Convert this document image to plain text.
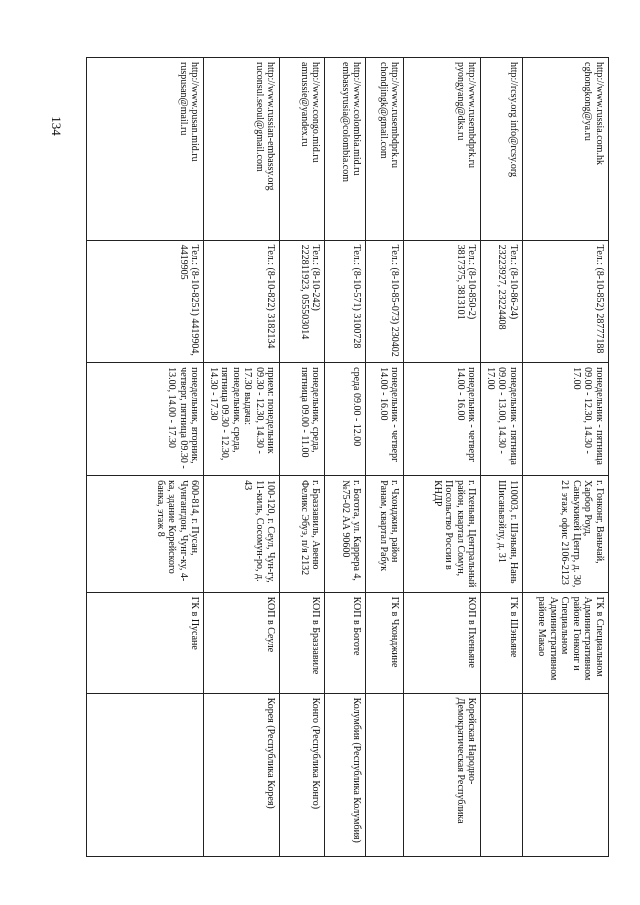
134	http://www.russia.com.hk cghongkong@ya.ru	Тел.: (8-10-852) 28777188	понедельник - пятница 09.00 - 12.30, 14.30 - 17.00	г. Гонконг, Ваньчай, Харбор Роуд, Саньукикей Центр, д. 30, 21 этаж, офис 2106-2123	ГК в Специальном Административном районе Гонконг и Специальном Административном районе Макао	
http://rcsy.org info@rcsy.org	Тел.: (8-10-86-24) 23223927, 23224408	понедельник - пятница 09.00 - 13.00, 14.30 - 17.00	110003, г. Шэньян, Нань Шисаньвэйлу, д. 31	ГК в Шэньяне	
http://www.rusembdprk.ru pyongyang@dks.ru	Тел.: (8-10-850-2) 3817375, 3813101	понедельник - четверг 14.00 - 16.00	г. Пхеньян, Центральный район, квартал Сомун, Посольство России в КНДР	КОП в Пхеньяне	Корейская Народно-Демократическая Республика
http://www.rusembdprk.ru chondjingk@gmail.com	Тел.: (8-10-85-073) 230402	понедельник - четверг 14.00 - 16.00	г. Чхонджин, район Ранам, квартал Рабук	ГК в Чхонджине	
http://www.colombia.mid.ru embassyrusia@colombia.com	Тел.: (8-10-571) 3100728	среда 09.00 - 12.00	г. Богота, ул. Каррера 4, №75-02 АА 90600	КОП в Боготе	Колумбия (Республика Колумбия)
http://www.congo.mid.ru amrussie@yandex.ru	Тел.: (8-10-242) 222811923, 055503014	понедельник, среда, пятница 09.00 - 11.00	г. Браззавиль, Авеню Феликс Эбуэ, п/я 2132	КОП в Браззавиле	Конго (Республика Конго)
http://www.russian-embassy.org ruconsul.seoul@gmail.com	Тел.: (8-10-822) 3182134	прием: понедельник 09.30 - 12.30, 14.30 - 17.30 выдача: понедельник, среда, пятница 09.30 - 12.30, 14.30 - 17.30	100-120, г. Сеул, Чун-гу, 11-киль, Сосомун-ро, д. 43	КОП в Сеуле	Корея (Республика Корея)
http://www.pusan.mid.ru ruspusan@mail.ru	Тел.: (8-10-8251) 4419904, 4419905	понедельник, вторник, четверг, пятница 09.30 - 13.00, 14.00 - 17.30	600-814, г. Пусан, Чунгангдон, Чунг-ку, 4-ка, здание Корейского банка, этаж 8	ГК в Пусане	
